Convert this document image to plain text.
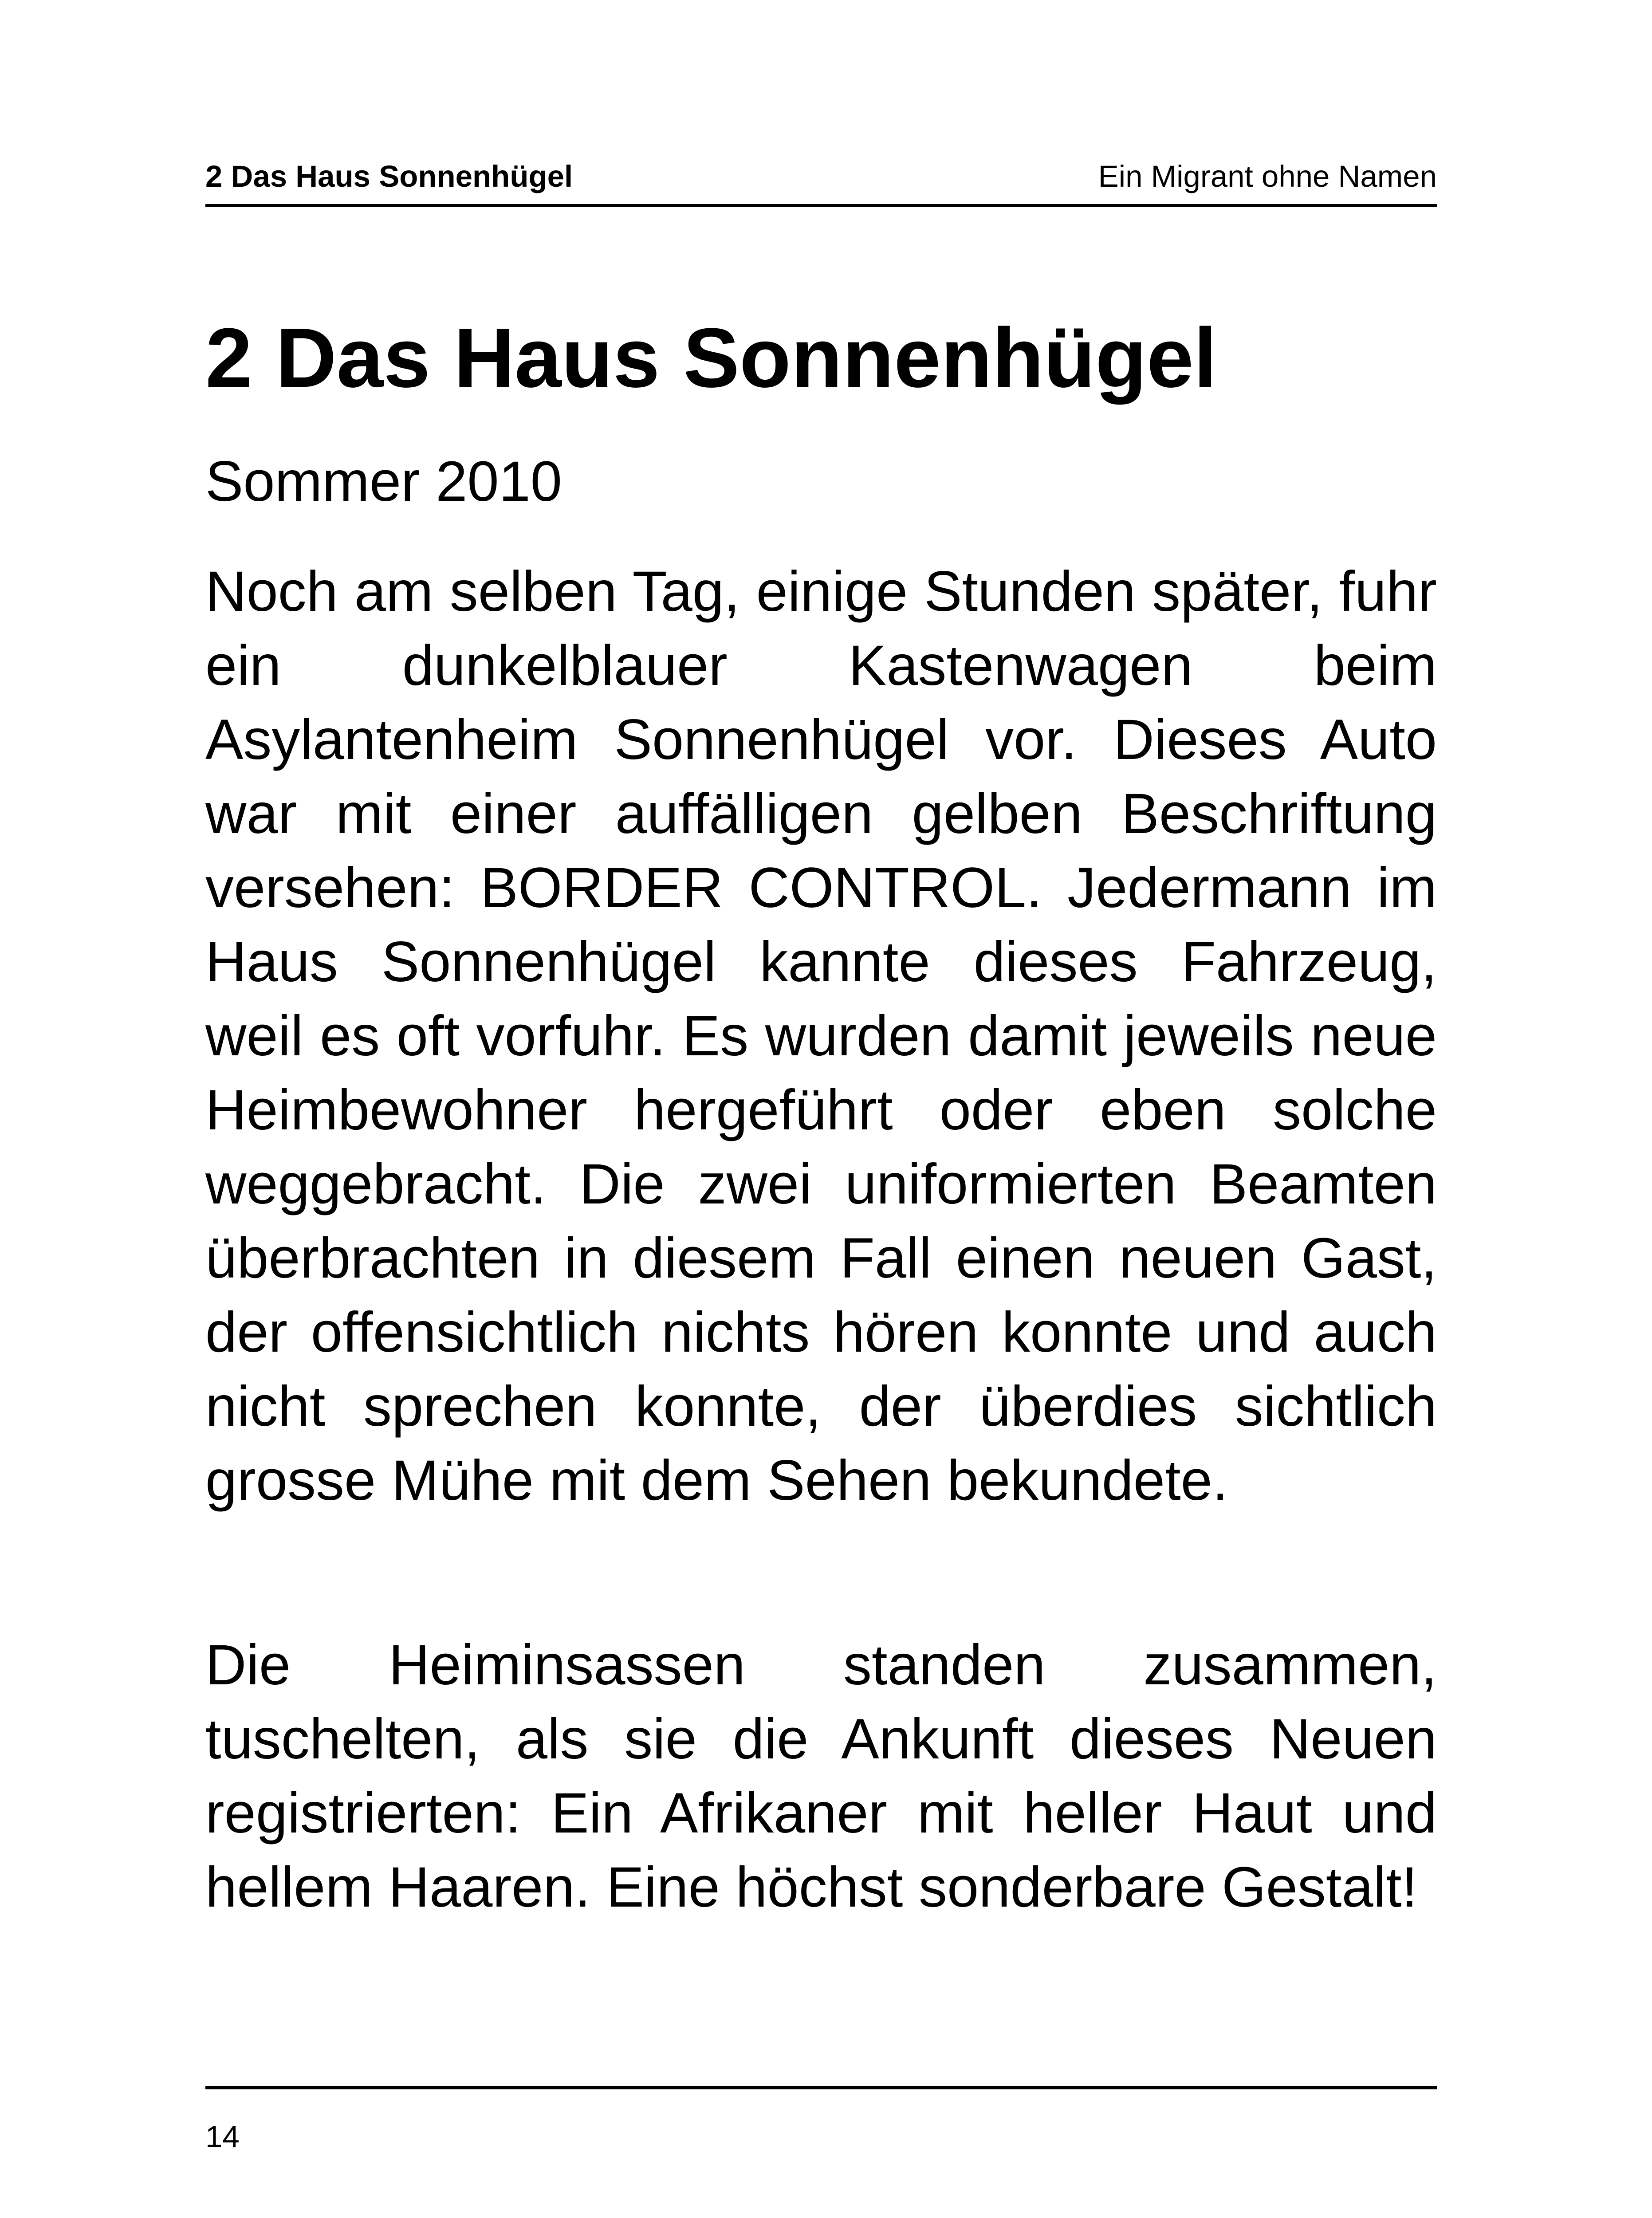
2 Das Haus Sonnenhügel	Ein Migrant ohne Namen
2 Das Haus Sonnenhügel

Sommer 2010

Noch am selben Tag, einige Stunden später, fuhr ein dunkelblauer Kastenwagen beim Asylantenheim Sonnenhügel vor. Dieses Auto war mit einer auffälligen gelben Beschriftung versehen: BORDER CONTROL. Jedermann im Haus Sonnenhügel kannte dieses Fahrzeug, weil es oft vorfuhr. Es wurden damit jeweils neue Heimbewohner hergeführt oder eben solche weggebracht. Die zwei uniformierten Beamten überbrachten in diesem Fall einen neuen Gast, der offensichtlich nichts hören konnte und auch nicht sprechen konnte, der überdies sichtlich grosse Mühe mit dem Sehen bekundete.

Die Heiminsassen standen zusammen, tuschelten, als sie die Ankunft dieses Neuen registrierten: Ein Afrikaner mit heller Haut und hellem Haaren. Eine höchst sonderbare Gestalt!

14
